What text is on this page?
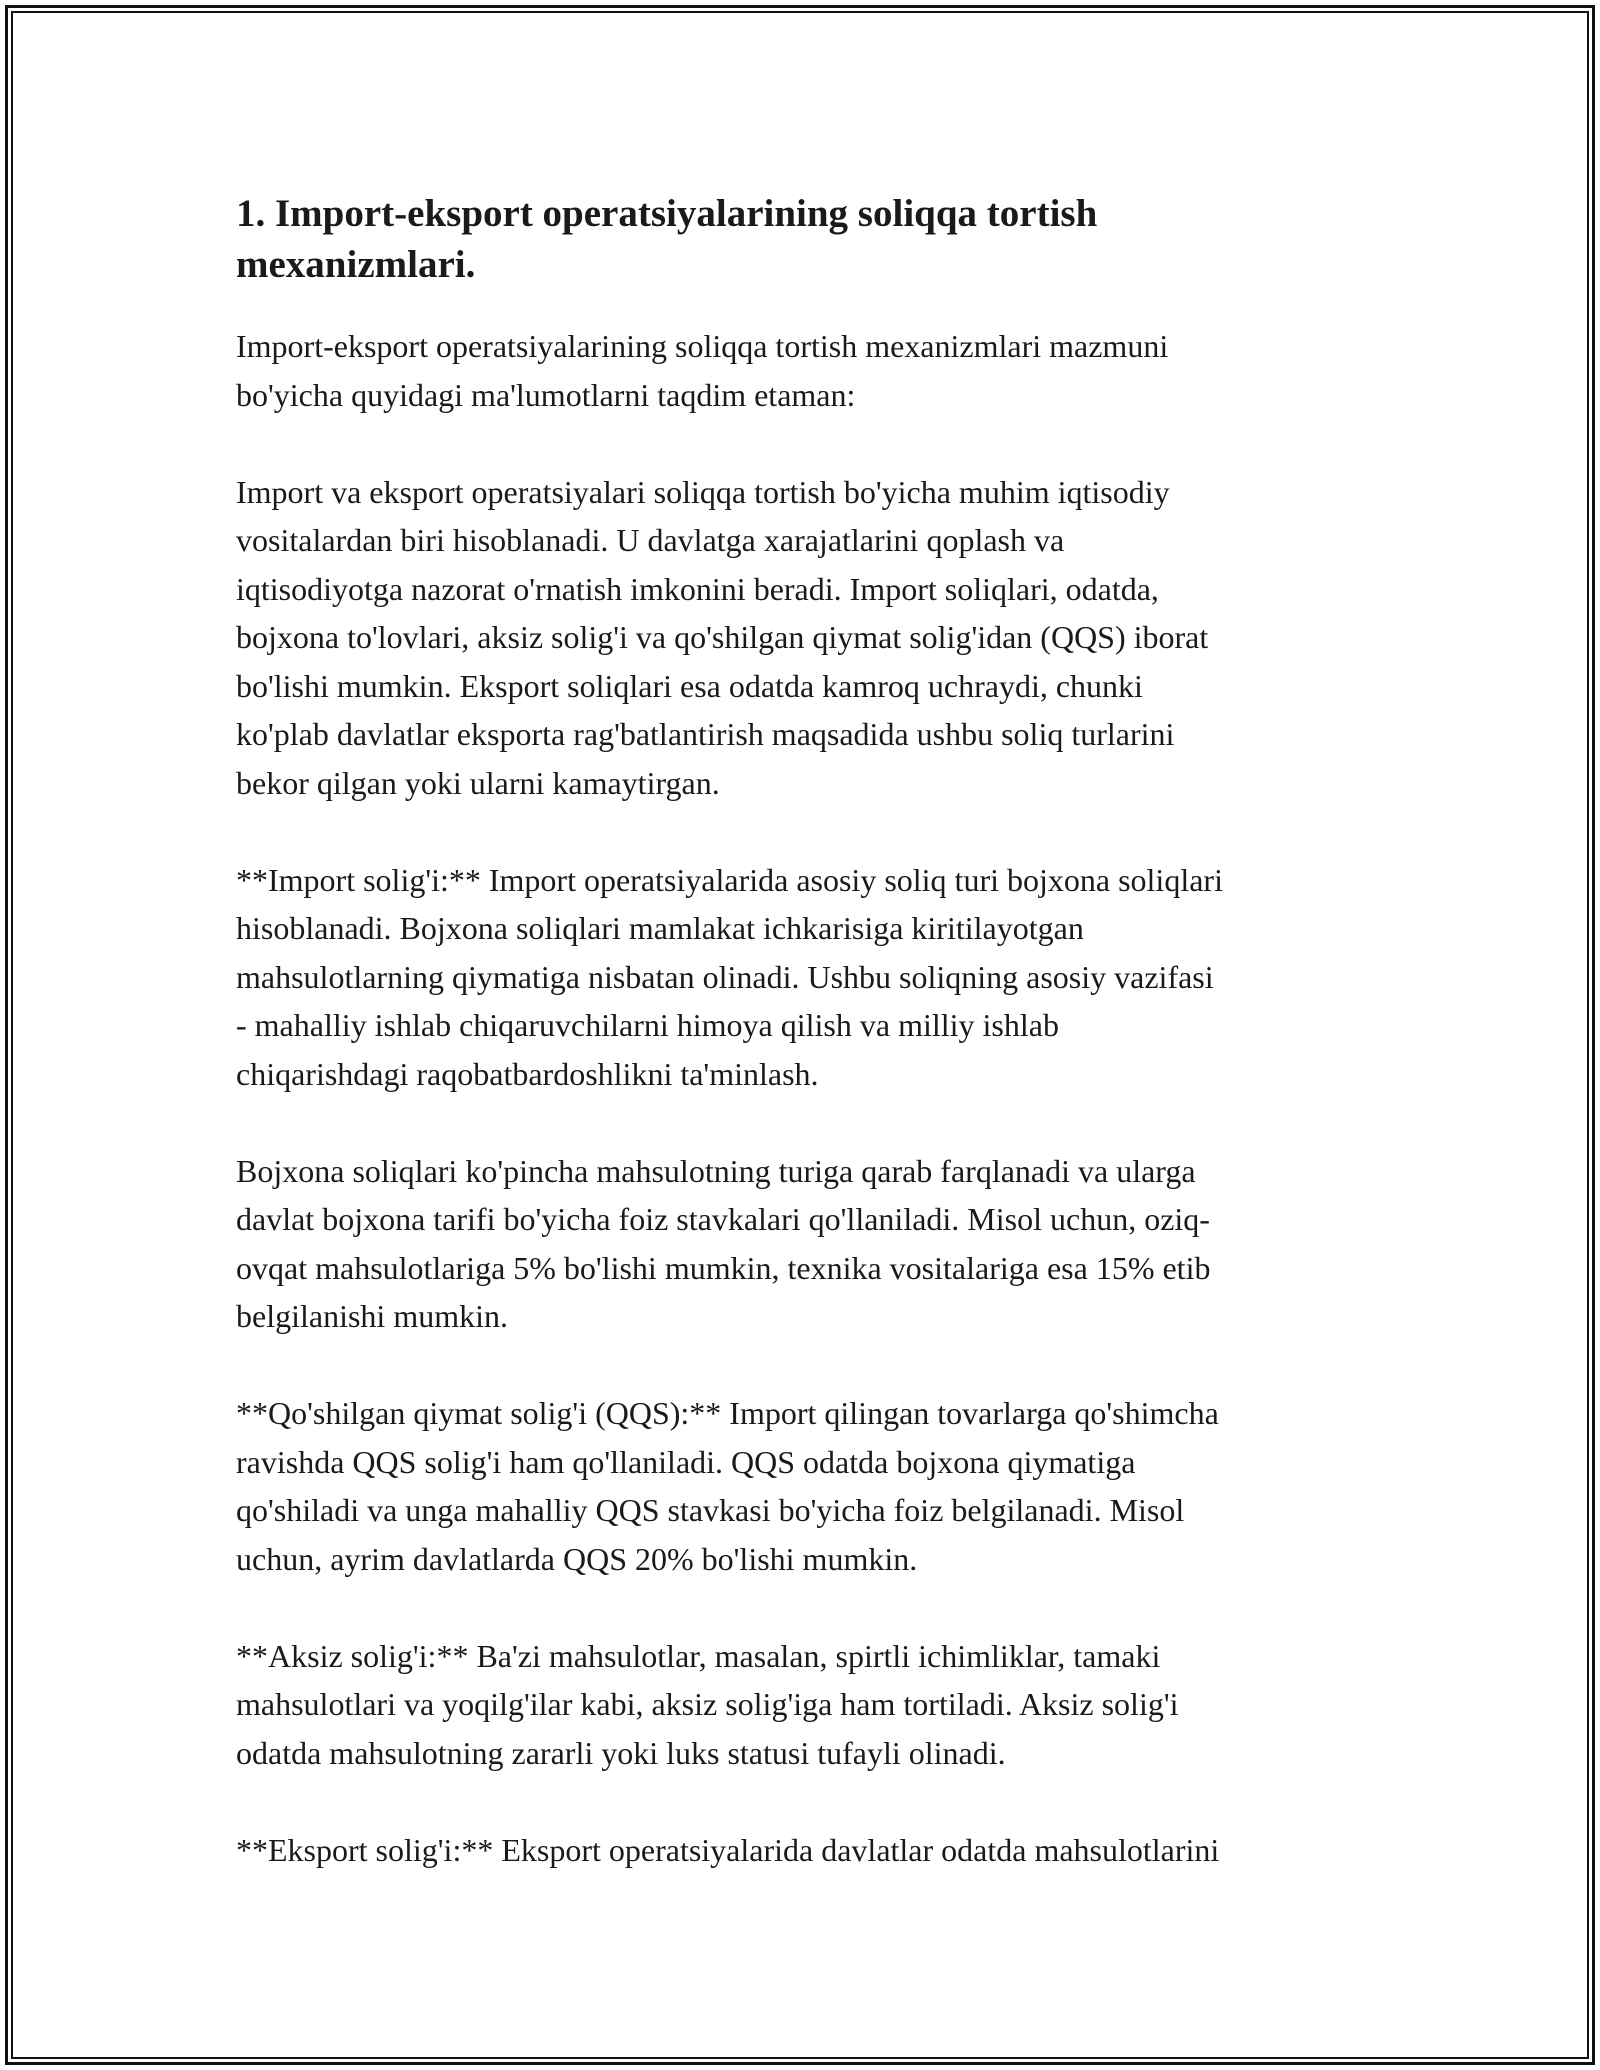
1. Import-eksport operatsiyalarining soliqqa tortish
mexanizmlari.

Import-eksport operatsiyalarining soliqqa tortish mexanizmlari mazmuni
bo'yicha quyidagi ma'lumotlarni taqdim etaman:

Import va eksport operatsiyalari soliqqa tortish bo'yicha muhim iqtisodiy
vositalardan biri hisoblanadi. U davlatga xarajatlarini qoplash va
iqtisodiyotga nazorat o'rnatish imkonini beradi. Import soliqlari, odatda,
bojxona to'lovlari, aksiz solig'i va qo'shilgan qiymat solig'idan (QQS) iborat
bo'lishi mumkin. Eksport soliqlari esa odatda kamroq uchraydi, chunki
ko'plab davlatlar eksporta rag'batlantirish maqsadida ushbu soliq turlarini
bekor qilgan yoki ularni kamaytirgan.

**Import solig'i:** Import operatsiyalarida asosiy soliq turi bojxona soliqlari
hisoblanadi. Bojxona soliqlari mamlakat ichkarisiga kiritilayotgan
mahsulotlarning qiymatiga nisbatan olinadi. Ushbu soliqning asosiy vazifasi
- mahalliy ishlab chiqaruvchilarni himoya qilish va milliy ishlab
chiqarishdagi raqobatbardoshlikni ta'minlash.

Bojxona soliqlari ko'pincha mahsulotning turiga qarab farqlanadi va ularga
davlat bojxona tarifi bo'yicha foiz stavkalari qo'llaniladi. Misol uchun, oziq-
ovqat mahsulotlariga 5% bo'lishi mumkin, texnika vositalariga esa 15% etib
belgilanishi mumkin.

**Qo'shilgan qiymat solig'i (QQS):** Import qilingan tovarlarga qo'shimcha
ravishda QQS solig'i ham qo'llaniladi. QQS odatda bojxona qiymatiga
qo'shiladi va unga mahalliy QQS stavkasi bo'yicha foiz belgilanadi. Misol
uchun, ayrim davlatlarda QQS 20% bo'lishi mumkin.

**Aksiz solig'i:** Ba'zi mahsulotlar, masalan, spirtli ichimliklar, tamaki
mahsulotlari va yoqilg'ilar kabi, aksiz solig'iga ham tortiladi. Aksiz solig'i
odatda mahsulotning zararli yoki luks statusi tufayli olinadi.

**Eksport solig'i:** Eksport operatsiyalarida davlatlar odatda mahsulotlarini
